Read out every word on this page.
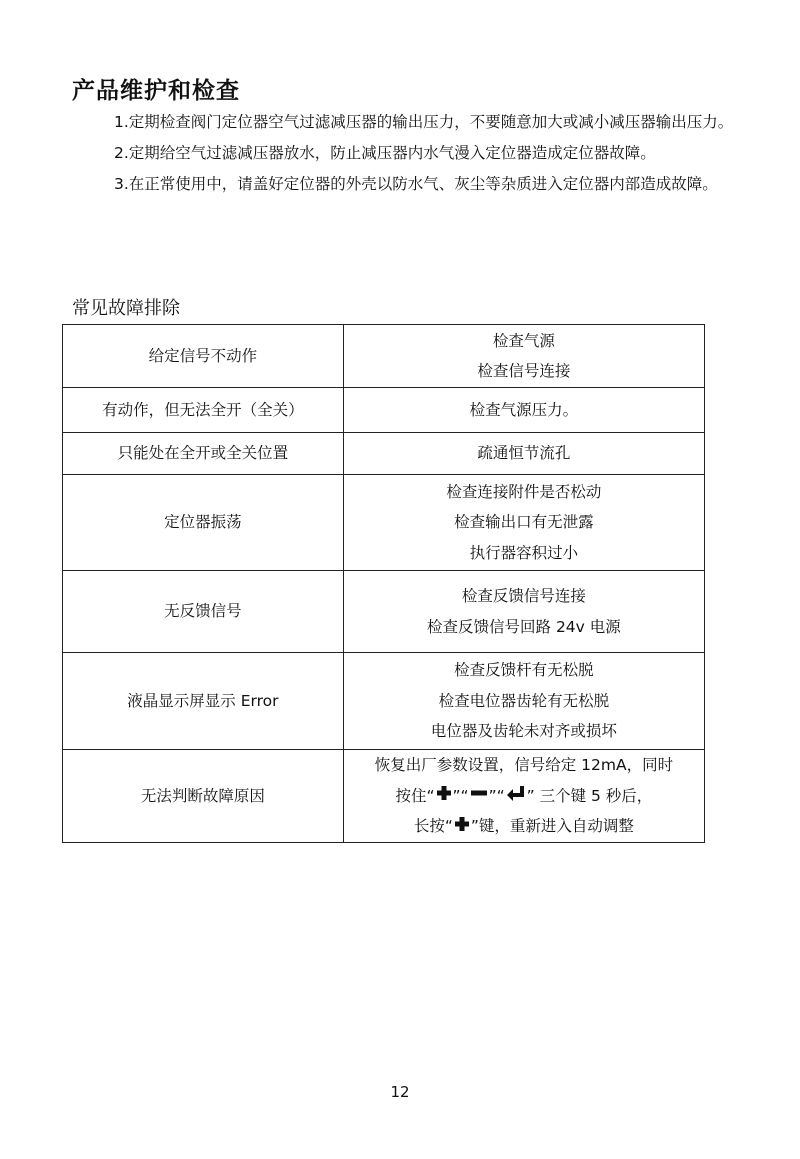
产品维护和检查

1.定期检查阀门定位器空气过滤减压器的输出压力，不要随意加大或减小减压器输出压力。

2.定期给空气过滤减压器放水，防止减压器内水气漫入定位器造成定位器故障。

3.在正常使用中，请盖好定位器的外壳以防水气、灰尘等杂质进入定位器内部造成故障。

常见故障排除
给定信号不动作	检查气源
检查信号连接

有动作，但无法全开（全关）	检查气源压力。

只能处在全开或全关位置	疏通恒节流孔

定位器振荡	检查连接附件是否松动
检查输出口有无泄露
执行器容积过小

无反馈信号	检查反馈信号连接
检查反馈信号回路 24v 电源

液晶显示屏显示 Error	检查反馈杆有无松脱
检查电位器齿轮有无松脱
电位器及齿轮未对齐或损坏

无法判断故障原因	恢复出厂参数设置，信号给定 12mA，同时
按住“ ”“ ”“ ” 三个键 5 秒后，
长按“ ”键，重新进入自动调整
12
